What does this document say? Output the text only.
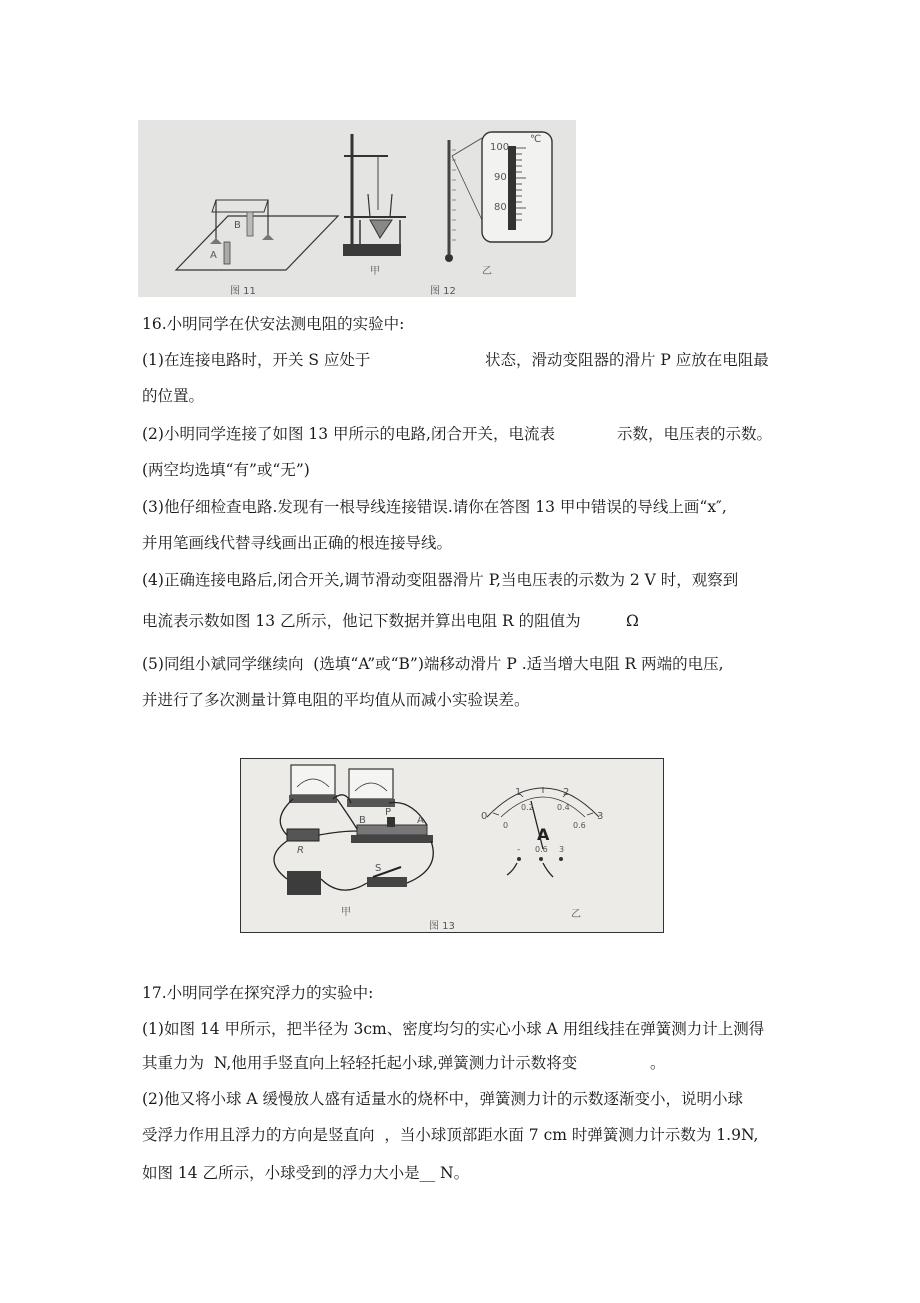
A
B
100
℃
90
80
甲	乙
图 11	图 12
16.小明同学在伏安法测电阻的实验中:
(1)在连接电路时，开关 S 应处于	状态，滑动变阻器的滑片 P 应放在电阻最
的位置。
(2)小明同学连接了如图 13 甲所示的电路,闭合开关，电流表	示数，电压表的示数。
(两空均选填“有”或“无”)
(3)他仔细检查电路.发现有一根导线连接错误.请你在答图 13 甲中错误的导线上画“x″,
并用笔画线代替寻线画出正确的根连接导线。
(4)正确连接电路后,闭合开关,调节滑动变阻器滑片 P,当电压表的示数为 2 V 时，观察到
电流表示数如图 13 乙所示，他记下数据并算出电阻 R 的阻值为	Ω
(5)同组小斌同学继续向  (选填“A”或“B”)端移动滑片 P .适当增大电阻 R 两端的电压,
并进行了多次测量计算电阻的平均值从而减小实验误差。
R
B
P
A
S
甲	乙
图 13
A
0
1	2
3
0
0.2	0.4
0.6
- 0.6 3
17.小明同学在探究浮力的实验中:
(1)如图 14 甲所示，把半径为 3cm、密度均匀的实心小球 A 用组线挂在弹簧测力计上测得
其重力为  N,他用手竖直向上轻轻托起小球,弹簧测力计示数将变	。
(2)他又将小球 A 缓慢放人盛有适量水的烧杯中，弹簧测力计的示数逐渐变小，说明小球
受浮力作用且浮力的方向是竖直向  ，当小球顶部距水面 7 cm 时弹簧测力计示数为 1.9N,
如图 14 乙所示，小球受到的浮力大小是__ N。
